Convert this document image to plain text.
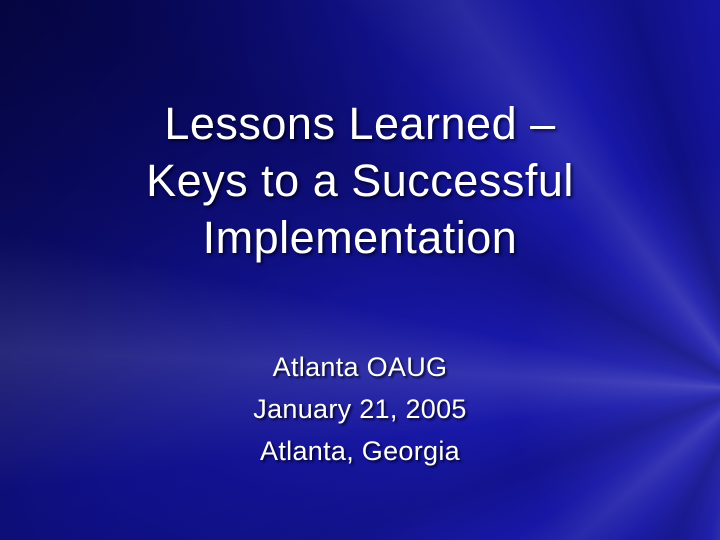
Lessons Learned –
Keys to a Successful
Implementation
Atlanta OAUG
January 21, 2005
Atlanta, Georgia
